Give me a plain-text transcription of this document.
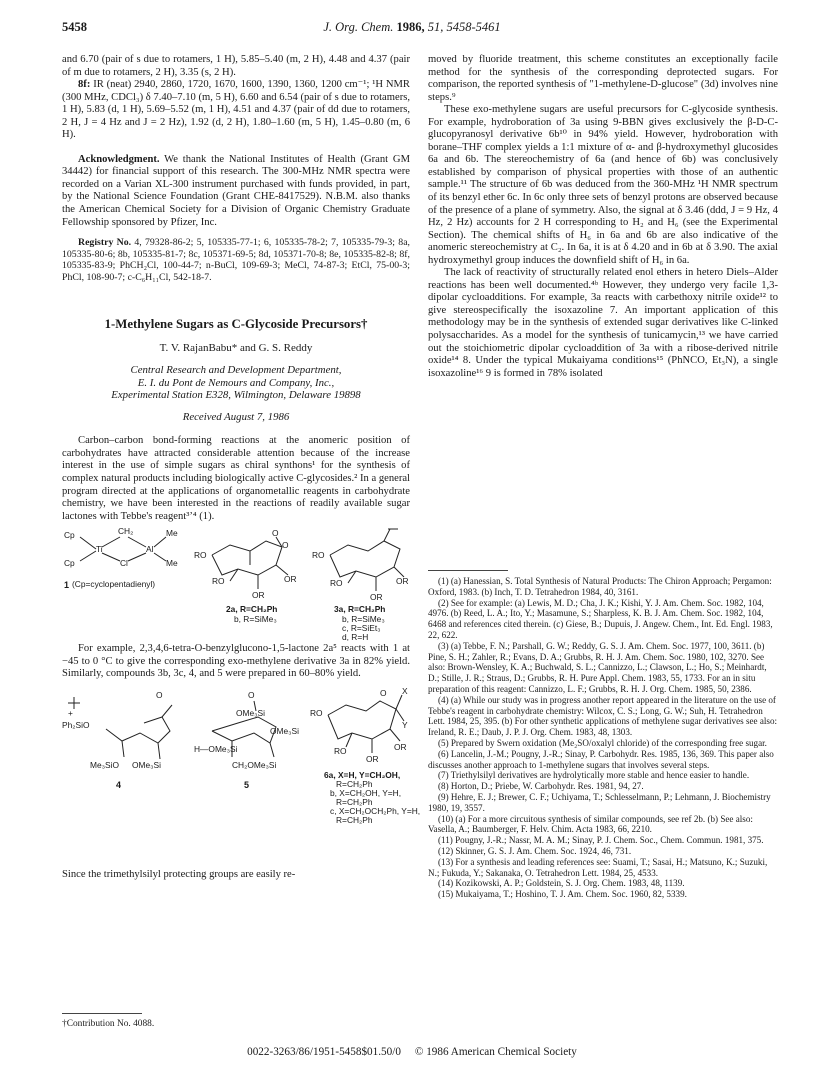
5458	J. Org. Chem. 1986, 51, 5458-5461

and 6.70 (pair of s due to rotamers, 1 H), 5.85–5.40 (m, 2 H), 4.48 and 4.37 (pair of m due to rotamers, 2 H), 3.35 (s, 2 H).

8f: IR (neat) 2940, 2860, 1720, 1670, 1600, 1390, 1360, 1200 cm⁻¹; ¹H NMR (300 MHz, CDCl₃) δ 7.40–7.10 (m, 5 H), 6.60 and 6.54 (pair of s due to rotamers, 1 H), 5.83 (d, 1 H), 5.69–5.52 (m, 1 H), 4.51 and 4.37 (pair of dd due to rotamers, 2 H, J = 4 Hz and J = 2 Hz), 1.92 (d, 2 H), 1.80–1.60 (m, 5 H), 1.45–0.80 (m, 6 H).

Acknowledgment. We thank the National Institutes of Health (Grant GM 34442) for financial support of this research. The 300-MHz NMR spectra were recorded on a Varian XL-300 instrument purchased with funds provided, in part, by the National Science Foundation (Grant CHE-8417529). N.B.M. also thanks the American Chemical Society for a Division of Organic Chemistry Graduate Fellowship sponsored by Pfizer, Inc.

Registry No. 4, 79328-86-2; 5, 105335-77-1; 6, 105335-78-2; 7, 105335-79-3; 8a, 105335-80-6; 8b, 105335-81-7; 8c, 105371-69-5; 8d, 105371-70-8; 8e, 105335-82-8; 8f, 105335-83-9; PhCH₂Cl, 100-44-7; n-BuCl, 109-69-3; MeCl, 74-87-3; EtCl, 75-00-3; PhCl, 108-90-7; c-C₆H₁₁Cl, 542-18-7.

1-Methylene Sugars as C-Glycoside Precursors†
T. V. RajanBabu* and G. S. Reddy
Central Research and Development Department,
E. I. du Pont de Nemours and Company, Inc.,
Experimental Station E328, Wilmington, Delaware 19898
Received August 7, 1986

Carbon–carbon bond-forming reactions at the anomeric position of carbohydrates have attracted considerable attention because of the increase interest in the use of simple sugars as chiral synthons¹ for the synthesis of complex natural products including biologically active C-glycosides.² In a general program directed at the applications of organometallic reagents in carbohydrate chemistry, we have been interested in the reactions of readily available sugar lactones with Tebbe's reagent³ʼ⁴ (1).

Cp	CH₂	Me
Ti	Al
Cp	Cl	Me
1 (Cp=cyclopentadienyl)
RO
O
O
RO	OR
OR
RO
RO	OR
OR
2a, R=CH₂Ph
b, R=SiMe₃
3a, R=CH₂Ph
b, R=SiMe₃
c, R=SiEt₃
d, R=H

For example, 2,3,4,6-tetra-O-benzylglucono-1,5-lactone 2a⁵ reacts with 1 at −45 to 0 °C to give the corresponding exo-methylene derivative 3a in 82% yield. Similarly, compounds 3b, 3c, 4, and 5 were prepared in 60–80% yield.

+
Ph₂SiO
O
Me₃SiO OMe₃Si
O
OMe₃Si
OMe₃Si
H—OMe₃Si
CH₂OMe₃Si
RO
O X
Y
RO	OR
OR
4	5
6a, X=H, Y=CH₂OH,
R=CH₂Ph
b, X=CH₂OH, Y=H,
R=CH₂Ph
c, X=CH₂OCH₂Ph, Y=H,
R=CH₂Ph

Since the trimethylsilyl protecting groups are easily re-

†Contribution No. 4088.

moved by fluoride treatment, this scheme constitutes an exceptionally facile method for the synthesis of the corresponding deprotected sugars. For comparison, the reported synthesis of "1-methylene-D-glucose" (3d) involves nine steps.⁹

These exo-methylene sugars are useful precursors for C-glycoside synthesis. For example, hydroboration of 3a using 9-BBN gives exclusively the β-D-C-glucopyranosyl derivative 6b¹⁰ in 94% yield. However, hydroboration with borane–THF complex yields a 1:1 mixture of α- and β-hydroxymethyl glucosides 6a and 6b. The stereochemistry of 6a (and hence of 6b) was conclusively established by comparison of physical properties with those of an authentic sample.¹¹ The structure of 6b was deduced from the 360-MHz ¹H NMR spectrum of its benzyl ether 6c. In 6c only three sets of benzyl protons are observed because of the presence of a plane of symmetry. Also, the signal at δ 3.46 (ddd, J = 9 Hz, 4 Hz, 2 Hz) accounts for 2 H corresponding to H₂ and H₆ (see the Experimental Section). The chemical shifts of H₆ in 6a and 6b are also indicative of the anomeric stereochemistry at C₂. In 6a, it is at δ 4.20 and in 6b at δ 3.90. The axial hydroxymethyl group induces the downfield shift of H₆ in 6a.

The lack of reactivity of structurally related enol ethers in hetero Diels–Alder reactions has been well documented.⁴ᵇ However, they undergo very facile 1,3-dipolar cycloadditions. For example, 3a reacts with carbethoxy nitrile oxide¹² to give stereospecifically the isoxazoline 7. An important application of this methodology may be in the synthesis of extended sugar derivatives like C-linked polysaccharides. As a model for the synthesis of tunicamycin,¹³ we have carried out the stoichiometric dipolar cycloaddition of 3a with a ribose-derived nitrile oxide¹⁴ 8. Under the typical Mukaiyama conditions¹⁵ (PhNCO, Et₃N), a single isoxazoline¹⁶ 9 is formed in 78% isolated

(1) (a) Hanessian, S. Total Synthesis of Natural Products: The Chiron Approach; Pergamon: Oxford, 1983. (b) Inch, T. D. Tetrahedron 1984, 40, 3161.

(2) See for example: (a) Lewis, M. D.; Cha, J. K.; Kishi, Y. J. Am. Chem. Soc. 1982, 104, 4976. (b) Reed, L. A.; Ito, Y.; Masamune, S.; Sharpless, K. B. J. Am. Chem. Soc. 1982, 104, 6468 and references cited therein. (c) Giese, B.; Dupuis, J. Angew. Chem., Int. Ed. Engl. 1983, 22, 622.

(3) (a) Tebbe, F. N.; Parshall, G. W.; Reddy, G. S. J. Am. Chem. Soc. 1977, 100, 3611. (b) Pine, S. H.; Zahler, R.; Evans, D. A.; Grubbs, R. H. J. Am. Chem. Soc. 1980, 102, 3270. See also: Brown-Wensley, K. A.; Buchwald, S. L.; Cannizzo, L.; Clawson, L.; Ho, S.; Meinhardt, D.; Stille, J. R.; Straus, D.; Grubbs, R. H. Pure Appl. Chem. 1983, 55, 1733. For an in situ preparation of this reagent: Cannizzo, L. F.; Grubbs, R. H. J. Org. Chem. 1985, 50, 2386.

(4) (a) While our study was in progress another report appeared in the literature on the use of Tebbe's reagent in carbohydrate chemistry: Wilcox, C. S.; Long, G. W.; Suh, H. Tetrahedron Lett. 1984, 25, 395. (b) For other synthetic applications of methylene sugar derivatives see also: Ireland, R. E.; Daub, J. P. J. Org. Chem. 1983, 48, 1303.

(5) Prepared by Swern oxidation (Me₂SO/oxalyl chloride) of the corresponding free sugar.

(6) Lancelin, J.-M.; Pougny, J.-R.; Sinay, P. Carbohydr. Res. 1985, 136, 369. This paper also discusses another approach to 1-methylene sugars that involves several steps.

(7) Triethylsilyl derivatives are hydrolytically more stable and hence easier to handle.

(8) Horton, D.; Priebe, W. Carbohydr. Res. 1981, 94, 27.

(9) Hehre, E. J.; Brewer, C. F.; Uchiyama, T.; Schlesselmann, P.; Lehmann, J. Biochemistry 1980, 19, 3557.

(10) (a) For a more circuitous synthesis of similar compounds, see ref 2b. (b) See also: Vasella, A.; Baumberger, F. Helv. Chim. Acta 1983, 66, 2210.

(11) Pougny, J.-R.; Nassr, M. A. M.; Sinay, P. J. Chem. Soc., Chem. Commun. 1981, 375.

(12) Skinner, G. S. J. Am. Chem. Soc. 1924, 46, 731.

(13) For a synthesis and leading references see: Suami, T.; Sasai, H.; Matsuno, K.; Suzuki, N.; Fukuda, Y.; Sakanaka, O. Tetrahedron Lett. 1984, 25, 4533.

(14) Kozikowski, A. P.; Goldstein, S. J. Org. Chem. 1983, 48, 1139.

(15) Mukaiyama, T.; Hoshino, T. J. Am. Chem. Soc. 1960, 82, 5339.

0022-3263/86/1951-5458$01.50/0 © 1986 American Chemical Society
